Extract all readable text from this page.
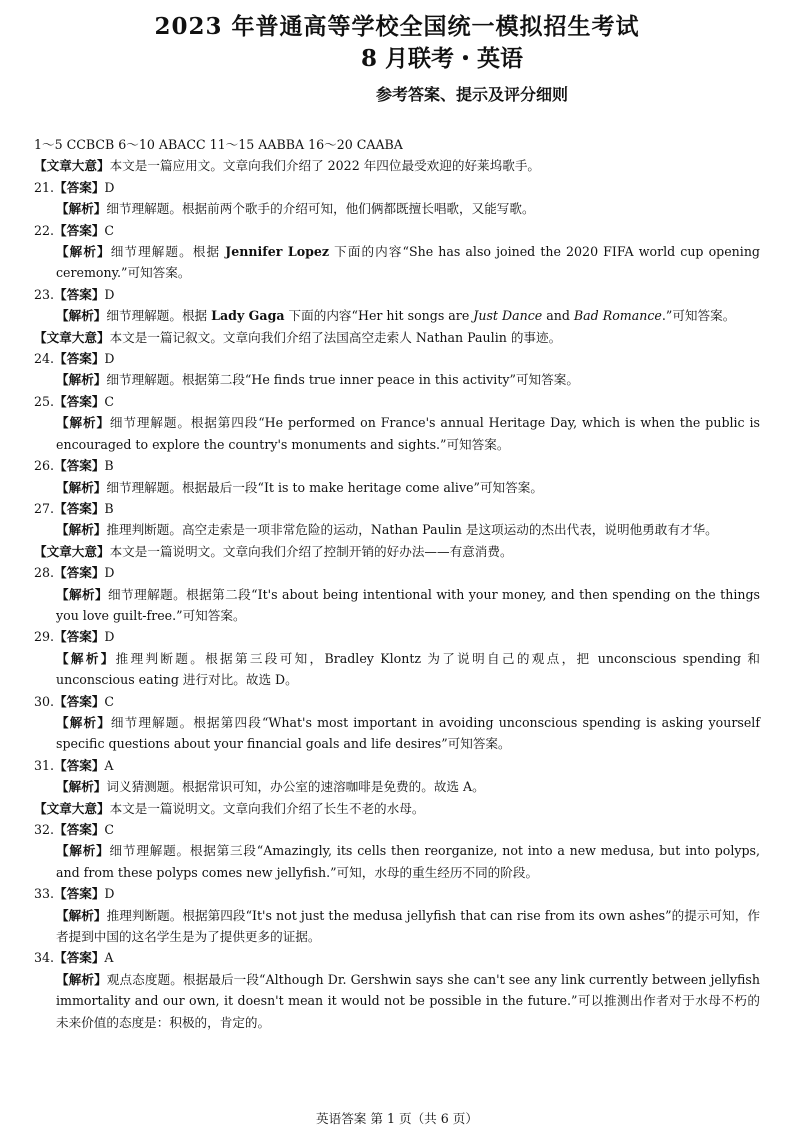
2023 年普通高等学校全国统一模拟招生考试
8 月联考・英语
参考答案、提示及评分细则
1～5 CCBCB 6～10 ABACC 11～15 AABBA 16～20 CAABA
【文章大意】本文是一篇应用文。文章向我们介绍了 2022 年四位最受欢迎的好莱坞歌手。
21.【答案】D
【解析】细节理解题。根据前两个歌手的介绍可知，他们俩都既擅长唱歌，又能写歌。
22.【答案】C
【解析】细节理解题。根据 Jennifer Lopez 下面的内容“She has also joined the 2020 FIFA world cup opening ceremony.”可知答案。
23.【答案】D
【解析】细节理解题。根据 Lady Gaga 下面的内容“Her hit songs are Just Dance and Bad Romance.”可知答案。
【文章大意】本文是一篇记叙文。文章向我们介绍了法国高空走索人 Nathan Paulin 的事迹。
24.【答案】D
【解析】细节理解题。根据第二段“He finds true inner peace in this activity”可知答案。
25.【答案】C
【解析】细节理解题。根据第四段“He performed on France's annual Heritage Day, which is when the public is encouraged to explore the country's monuments and sights.”可知答案。
26.【答案】B
【解析】细节理解题。根据最后一段“It is to make heritage come alive”可知答案。
27.【答案】B
【解析】推理判断题。高空走索是一项非常危险的运动，Nathan Paulin 是这项运动的杰出代表，说明他勇敢有才华。
【文章大意】本文是一篇说明文。文章向我们介绍了控制开销的好办法——有意消费。
28.【答案】D
【解析】细节理解题。根据第二段“It's about being intentional with your money, and then spending on the things you love guilt-free.”可知答案。
29.【答案】D
【解析】推理判断题。根据第三段可知，Bradley Klontz 为了说明自己的观点，把 unconscious spending 和 unconscious eating 进行对比。故选 D。
30.【答案】C
【解析】细节理解题。根据第四段“What's most important in avoiding unconscious spending is asking yourself specific questions about your financial goals and life desires”可知答案。
31.【答案】A
【解析】词义猜测题。根据常识可知，办公室的速溶咖啡是免费的。故选 A。
【文章大意】本文是一篇说明文。文章向我们介绍了长生不老的水母。
32.【答案】C
【解析】细节理解题。根据第三段“Amazingly, its cells then reorganize, not into a new medusa, but into polyps, and from these polyps comes new jellyfish.”可知，水母的重生经历不同的阶段。
33.【答案】D
【解析】推理判断题。根据第四段“It's not just the medusa jellyfish that can rise from its own ashes”的提示可知，作者提到中国的这名学生是为了提供更多的证据。
34.【答案】A
【解析】观点态度题。根据最后一段“Although Dr. Gershwin says she can't see any link currently between jellyfish immortality and our own, it doesn't mean it would not be possible in the future.”可以推测出作者对于水母不朽的未来价值的态度是：积极的，肯定的。
英语答案 第 1 页（共 6 页）
